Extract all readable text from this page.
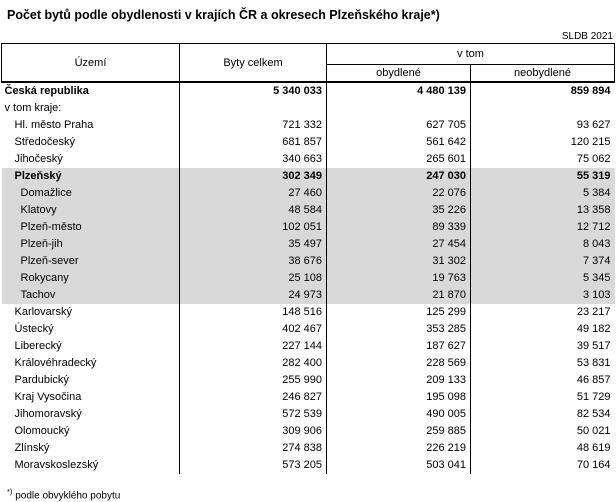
Počet bytů podle obydlenosti v krajích ČR a okresech Plzeňského kraje*)
SLDB 2021
Území	Byty celkem	v tom	
		obydlené	neobydlené
Česká republika	5 340 033	4 480 139	859 894
v tom kraje:			
Hl. město Praha	721 332	627 705	93 627
Středočeský	681 857	561 642	120 215
Jihočeský	340 663	265 601	75 062
Plzeňský	302 349	247 030	55 319
Domažlice	27 460	22 076	5 384
Klatovy	48 584	35 226	13 358
Plzeň-město	102 051	89 339	12 712
Plzeň-jih	35 497	27 454	8 043
Plzeň-sever	38 676	31 302	7 374
Rokycany	25 108	19 763	5 345
Tachov	24 973	21 870	3 103
Karlovarský	148 516	125 299	23 217
Ústecký	402 467	353 285	49 182
Liberecký	227 144	187 627	39 517
Královéhradecký	282 400	228 569	53 831
Pardubický	255 990	209 133	46 857
Kraj Vysočina	246 827	195 098	51 729
Jihomoravský	572 539	490 005	82 534
Olomoucký	309 906	259 885	50 021
Zlínský	274 838	226 219	48 619
Moravskoslezský	573 205	503 041	70 164
*) podle obvyklého pobytu
